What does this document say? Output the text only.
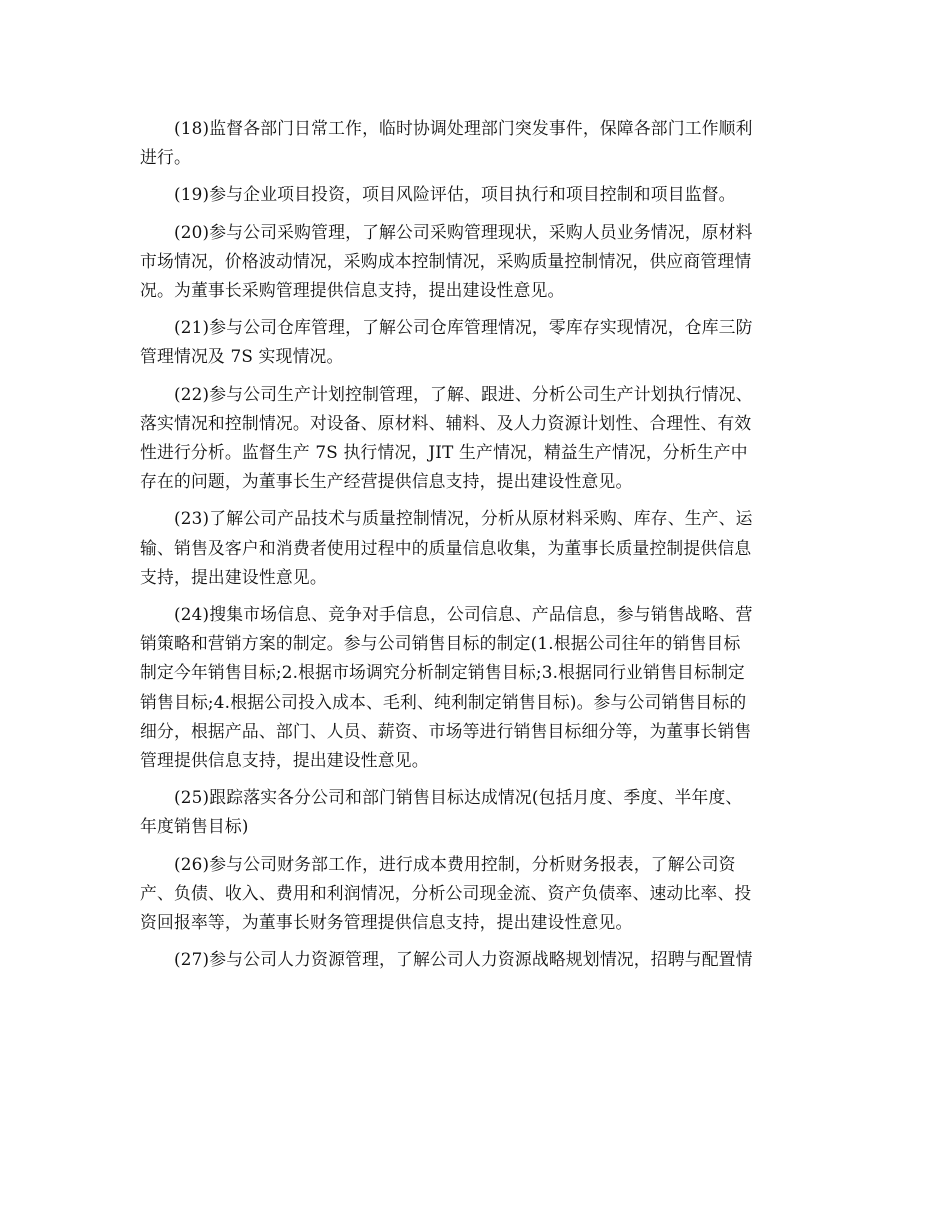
(18)监督各部门日常工作，临时协调处理部门突发事件，保障各部门工作顺利
进行。

(19)参与企业项目投资，项目风险评估，项目执行和项目控制和项目监督。

(20)参与公司采购管理，了解公司采购管理现状，采购人员业务情况，原材料
市场情况，价格波动情况，采购成本控制情况，采购质量控制情况，供应商管理情
况。为董事长采购管理提供信息支持，提出建设性意见。

(21)参与公司仓库管理，了解公司仓库管理情况，零库存实现情况，仓库三防
管理情况及 7S 实现情况。

(22)参与公司生产计划控制管理，了解、跟进、分析公司生产计划执行情况、
落实情况和控制情况。对设备、原材料、辅料、及人力资源计划性、合理性、有效
性进行分析。监督生产 7S 执行情况，JIT 生产情况，精益生产情况，分析生产中
存在的问题，为董事长生产经营提供信息支持，提出建设性意见。

(23)了解公司产品技术与质量控制情况，分析从原材料采购、库存、生产、运
输、销售及客户和消费者使用过程中的质量信息收集，为董事长质量控制提供信息
支持，提出建设性意见。

(24)搜集市场信息、竞争对手信息，公司信息、产品信息，参与销售战略、营
销策略和营销方案的制定。参与公司销售目标的制定(1.根据公司往年的销售目标
制定今年销售目标;2.根据市场调究分析制定销售目标;3.根据同行业销售目标制定
销售目标;4.根据公司投入成本、毛利、纯利制定销售目标)。参与公司销售目标的
细分，根据产品、部门、人员、薪资、市场等进行销售目标细分等，为董事长销售
管理提供信息支持，提出建设性意见。

(25)跟踪落实各分公司和部门销售目标达成情况(包括月度、季度、半年度、
年度销售目标)

(26)参与公司财务部工作，进行成本费用控制，分析财务报表，了解公司资
产、负债、收入、费用和利润情况，分析公司现金流、资产负债率、速动比率、投
资回报率等，为董事长财务管理提供信息支持，提出建设性意见。

(27)参与公司人力资源管理，了解公司人力资源战略规划情况，招聘与配置情
